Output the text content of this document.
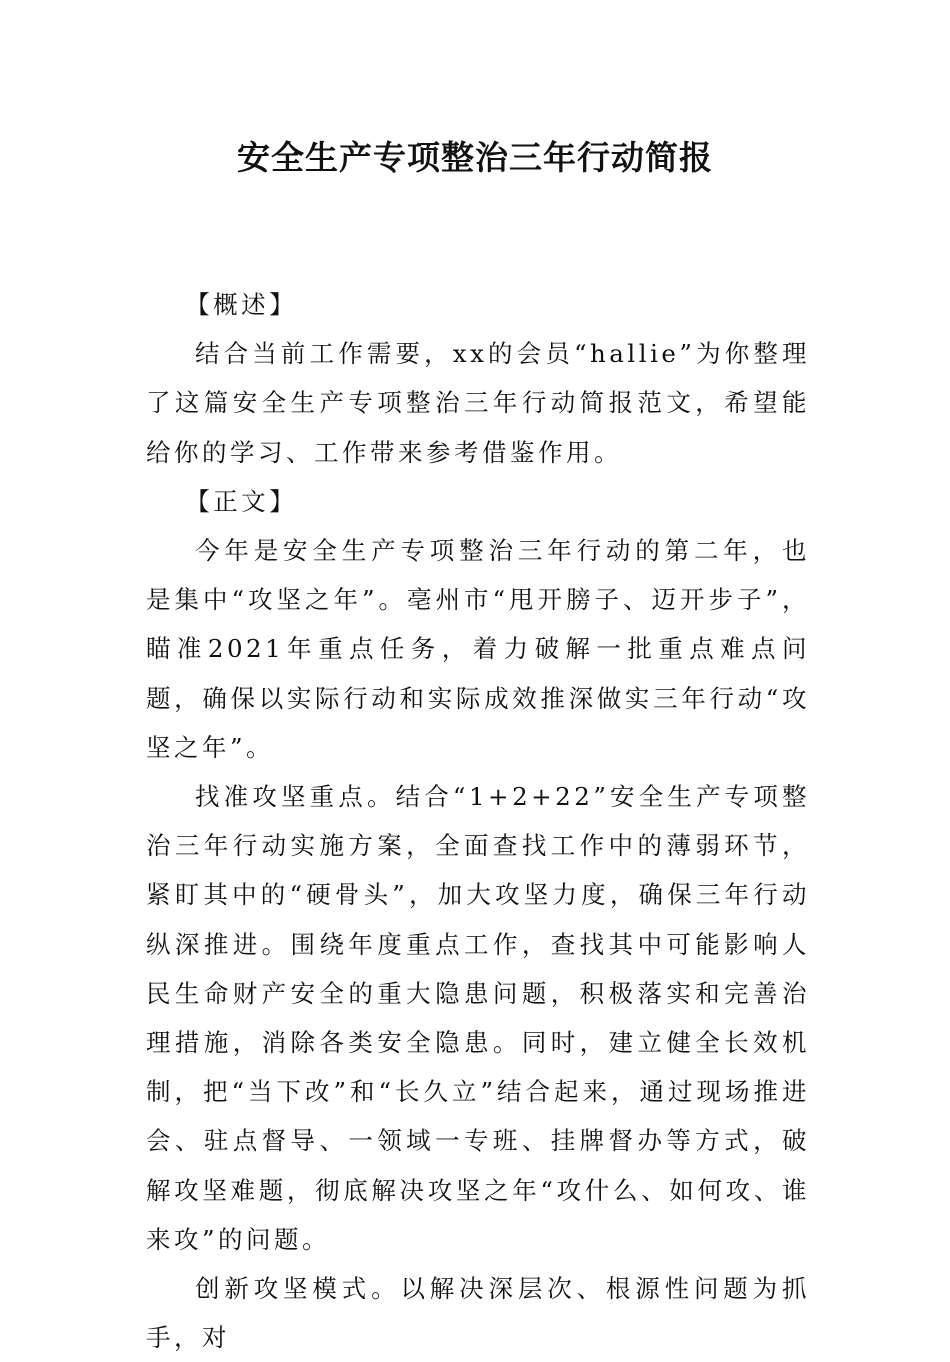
安全生产专项整治三年行动简报

【概述】

结合当前工作需要，xx的会员“hallie”为你整理了这篇安全生产专项整治三年行动简报范文，希望能给你的学习、工作带来参考借鉴作用。

【正文】

今年是安全生产专项整治三年行动的第二年，也是集中“攻坚之年”。亳州市“甩开膀子、迈开步子”，瞄准2021年重点任务，着力破解一批重点难点问题，确保以实际行动和实际成效推深做实三年行动“攻坚之年”。

找准攻坚重点。结合“1+2+22”安全生产专项整治三年行动实施方案，全面查找工作中的薄弱环节，紧盯其中的“硬骨头”，加大攻坚力度，确保三年行动纵深推进。围绕年度重点工作，查找其中可能影响人民生命财产安全的重大隐患问题，积极落实和完善治理措施，消除各类安全隐患。同时，建立健全长效机制，把“当下改”和“长久立”结合起来，通过现场推进会、驻点督导、一领域一专班、挂牌督办等方式，破解攻坚难题，彻底解决攻坚之年“攻什么、如何攻、谁来攻”的问题。

创新攻坚模式。以解决深层次、根源性问题为抓手，对
